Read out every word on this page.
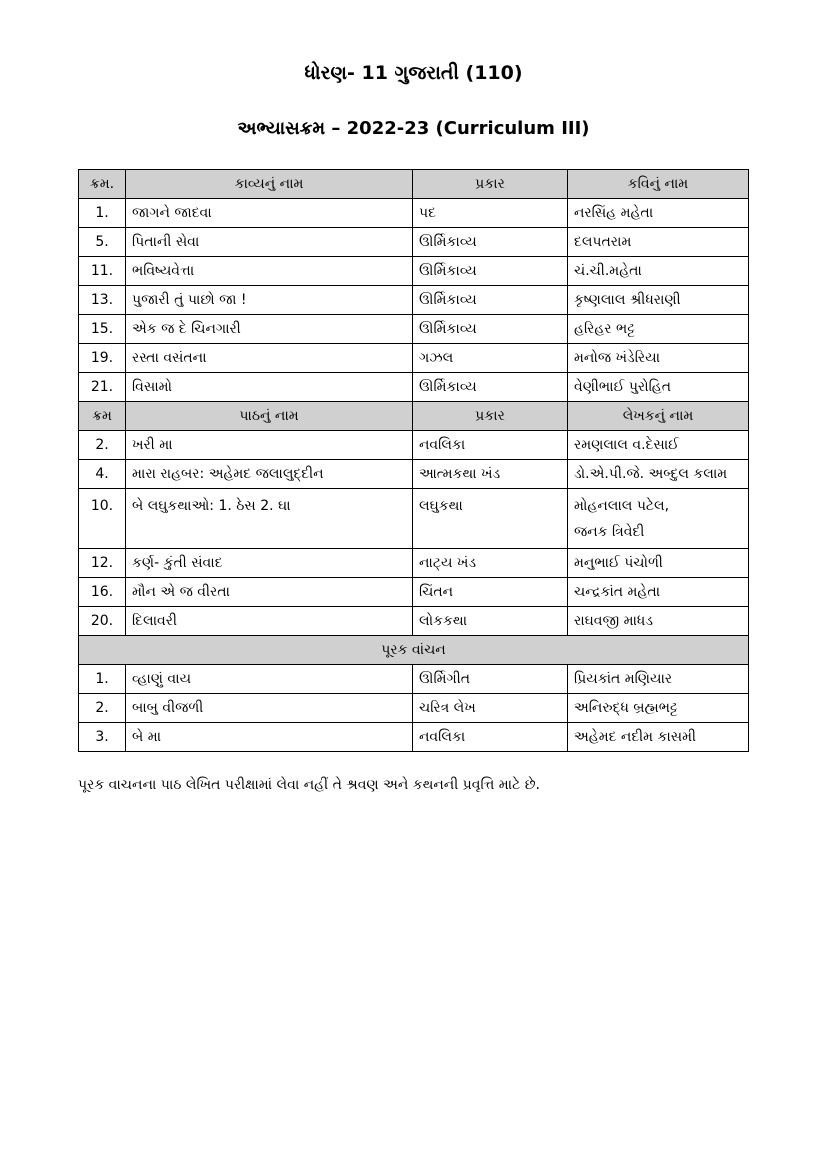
ધોરણ- 11 ગુજરાતી (110)
અભ્યાસક્રમ – 2022-23 (Curriculum III)
ક્રમ.	કાવ્યનું નામ	પ્રકાર	કવિનું નામ
1.	જાગને જાદવા	પદ	નરસિંહ મહેતા
5.	પિતાની સેવા	ઊર્મિકાવ્ય	દલપતરામ
11.	ભવિષ્યવેત્તા	ઊર્મિકાવ્ય	ચં.ચી.મહેતા
13.	પુજારી તું પાછો જા !	ઊર્મિકાવ્ય	કૃષ્ણલાલ શ્રીધરાણી
15.	એક જ દે ચિનગારી	ઊર્મિકાવ્ય	હરિહર ભટ્ટ
19.	રસ્તા વસંતના	ગઝલ	મનોજ ખંડેરિયા
21.	વિસામો	ઊર્મિકાવ્ય	વેણીભાઈ પુરોહિત
ક્રમ	પાઠનું નામ	પ્રકાર	લેખકનું નામ
2.	ખરી મા	નવલિકા	રમણલાલ વ.દેસાઈ
4.	મારા રાહબર: અહેમદ જલાલુદ્દીન	આત્મકથા ખંડ	ડો.એ.પી.જે. અબ્દુલ કલામ
10.	બે લઘુકથાઓ: 1. ઠેસ 2. ઘા	લઘુકથા	મોહનલાલ પટેલ,
જનક ત્રિવેદી

12.	કર્ણ- કુંતી સંવાદ	નાટ્ય ખંડ	મનુભાઈ પંચોળી
16.	મૌન એ જ વીરતા	ચિંતન	ચન્દ્રકાંત મહેતા
20.	દિલાવરી	લોકકથા	રાઘવજી માધડ
પૂરક વાંચન			
1.	વ્હાણું વાય	ઊર્મિગીત	પ્રિયકાંત મણિયાર
2.	બાબુ વીજળી	ચરિત્ર લેખ	અનિરુદ્ધ બ્રહ્મભટ્ટ
3.	બે મા	નવલિકા	અહેમદ નદીમ કાસમી
પૂરક વાચનના પાઠ લેખિત પરીક્ષામાં લેવા નહીં તે શ્રવણ અને કથનની પ્રવૃત્તિ માટે છે.
